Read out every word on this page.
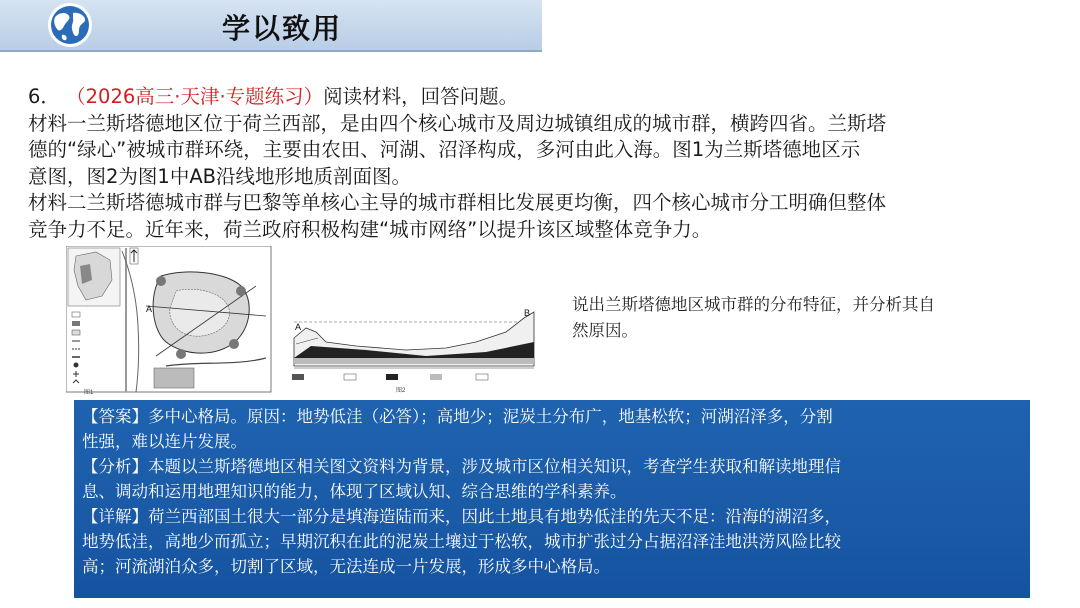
学以致用
6． （2026高三·天津·专题练习）阅读材料，回答问题。
材料一兰斯塔德地区位于荷兰西部，是由四个核心城市及周边城镇组成的城市群，横跨四省。兰斯塔
德的“绿心”被城市群环绕，主要由农田、河湖、沼泽构成，多河由此入海。图1为兰斯塔德地区示
意图，图2为图1中AB沿线地形地质剖面图。
材料二兰斯塔德城市群与巴黎等单核心主导的城市群相比发展更均衡，四个核心城市分工明确但整体
竞争力不足。近年来，荷兰政府积极构建“城市网络”以提升该区域整体竞争力。
A
图1
A
B
图2
说出兰斯塔德地区城市群的分布特征，并分析其自
然原因。

【答案】多中心格局。原因：地势低洼（必答）；高地少；泥炭土分布广，地基松软；河湖沼泽多，分割

性强，难以连片发展。

【分析】本题以兰斯塔德地区相关图文资料为背景，涉及城市区位相关知识，考查学生获取和解读地理信

息、调动和运用地理知识的能力，体现了区域认知、综合思维的学科素养。

【详解】荷兰西部国土很大一部分是填海造陆而来，因此土地具有地势低洼的先天不足：沿海的湖沼多，

地势低洼，高地少而孤立；早期沉积在此的泥炭土壤过于松软，城市扩张过分占据沼泽洼地洪涝风险比较

高；河流湖泊众多，切割了区域，无法连成一片发展，形成多中心格局。
